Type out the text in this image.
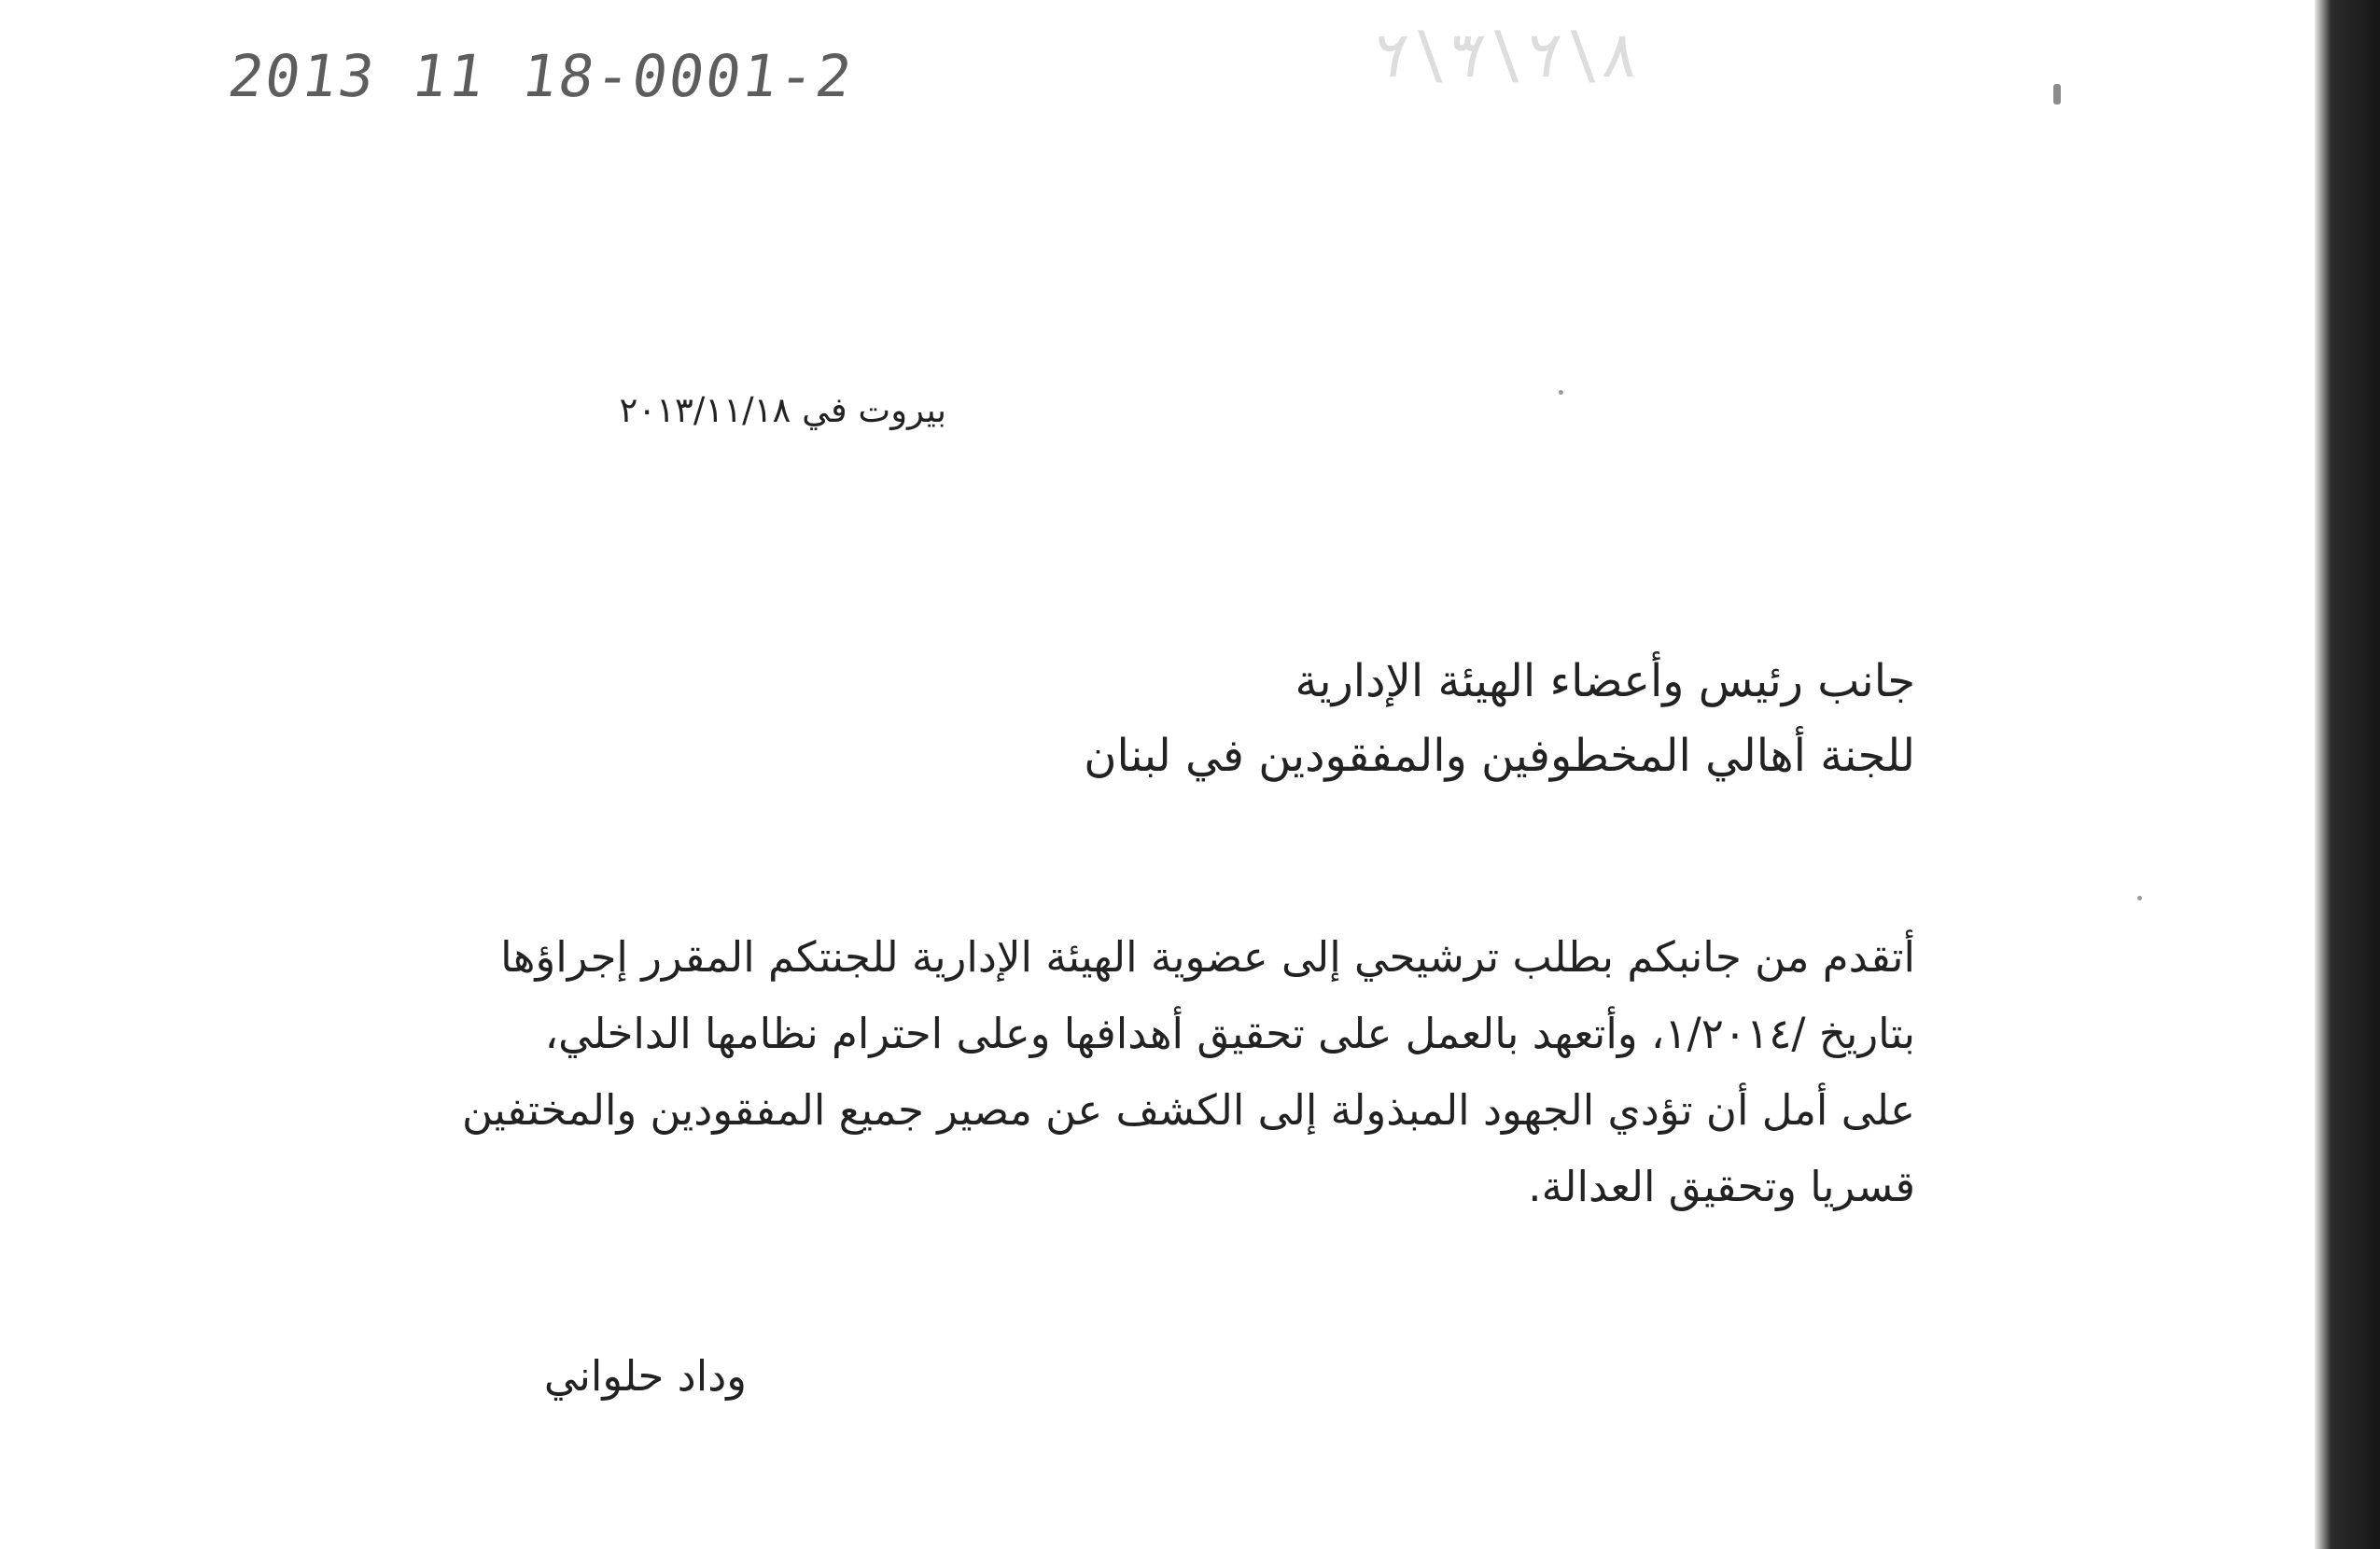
2013 11 18-0001-2	٨/٢/٣/٢
بيروت في ٢٠١٣/١١/١٨
جانب رئيس وأعضاء الهيئة الإدارية
للجنة أهالي المخطوفين والمفقودين في لبنان
أتقدم من جانبكم بطلب ترشيحي إلى عضوية الهيئة الإدارية للجنتكم المقرر إجراؤها
بتاريخ /١/٢٠١٤، وأتعهد بالعمل على تحقيق أهدافها وعلى احترام نظامها الداخلي،
على أمل أن تؤدي الجهود المبذولة إلى الكشف عن مصير جميع المفقودين والمختفين
قسريا وتحقيق العدالة.
وداد حلواني
